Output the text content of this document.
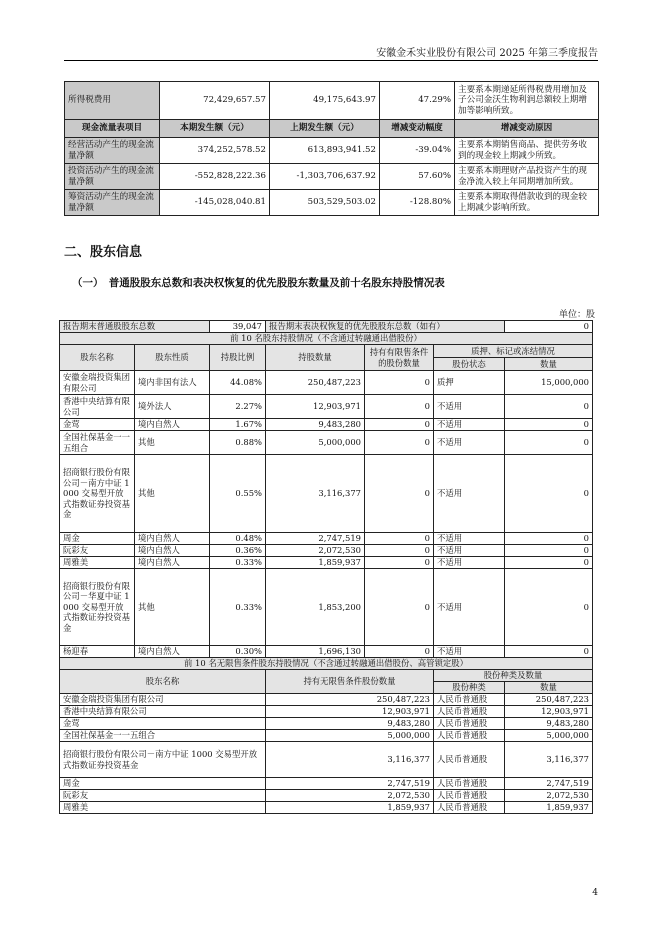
安徽金禾实业股份有限公司 2025 年第三季度报告
所得税费用	72,429,657.57	49,175,643.97	47.29%	主要系本期递延所得税费用增加及子公司金沃生物利润总额较上期增加等影响所致。
现金流量表项目	本期发生额（元）	上期发生额（元）	增减变动幅度	增减变动原因
经营活动产生的现金流量净额	374,252,578.52	613,893,941.52	-39.04%	主要系本期销售商品、提供劳务收到的现金较上期减少所致。
投资活动产生的现金流量净额	-552,828,222.36	-1,303,706,637.92	57.60%	主要系本期理财产品投资产生的现金净流入较上年同期增加所致。
筹资活动产生的现金流量净额	-145,028,040.81	503,529,503.02	-128.80%	主要系本期取得借款收到的现金较上期减少影响所致。
二、股东信息
（一）　普通股股东总数和表决权恢复的优先股股东数量及前十名股东持股情况表
单位：股
报告期末普通股股东总数		39,047	报告期末表决权恢复的优先股股东总数（如有）			0
前 10 名股东持股情况（不含通过转融通出借股份）						
股东名称	股东性质	持股比例	持股数量	持有有限售条件的股份数量	质押、标记或冻结情况	
					股份状态	数量
安徽金瑞投资集团有限公司	境内非国有法人	44.08%	250,487,223	0	质押	15,000,000
香港中央结算有限公司	境外法人	2.27%	12,903,971	0	不适用	0
金莺	境内自然人	1.67%	9,483,280	0	不适用	0
全国社保基金一一五组合	其他	0.88%	5,000,000	0	不适用	0
招商银行股份有限公司－南方中证 1000 交易型开放式指数证券投资基金	其他	0.55%	3,116,377	0	不适用	0
周金	境内自然人	0.48%	2,747,519	0	不适用	0
阮彩友	境内自然人	0.36%	2,072,530	0	不适用	0
周雅美	境内自然人	0.33%	1,859,937	0	不适用	0
招商银行股份有限公司－华夏中证 1000 交易型开放式指数证券投资基金	其他	0.33%	1,853,200	0	不适用	0
杨迎春	境内自然人	0.30%	1,696,130	0	不适用	0
前 10 名无限售条件股东持股情况（不含通过转融通出借股份、高管锁定股）						
股东名称			持有无限售条件股份数量		股份种类及数量	
					股份种类	数量
安徽金瑞投资集团有限公司			250,487,223		人民币普通股	250,487,223
香港中央结算有限公司			12,903,971		人民币普通股	12,903,971
金莺			9,483,280		人民币普通股	9,483,280
全国社保基金一一五组合			5,000,000		人民币普通股	5,000,000
招商银行股份有限公司－南方中证 1000 交易型开放式指数证券投资基金			3,116,377		人民币普通股	3,116,377
周金			2,747,519		人民币普通股	2,747,519
阮彩友			2,072,530		人民币普通股	2,072,530
周雅美			1,859,937		人民币普通股	1,859,937
4
